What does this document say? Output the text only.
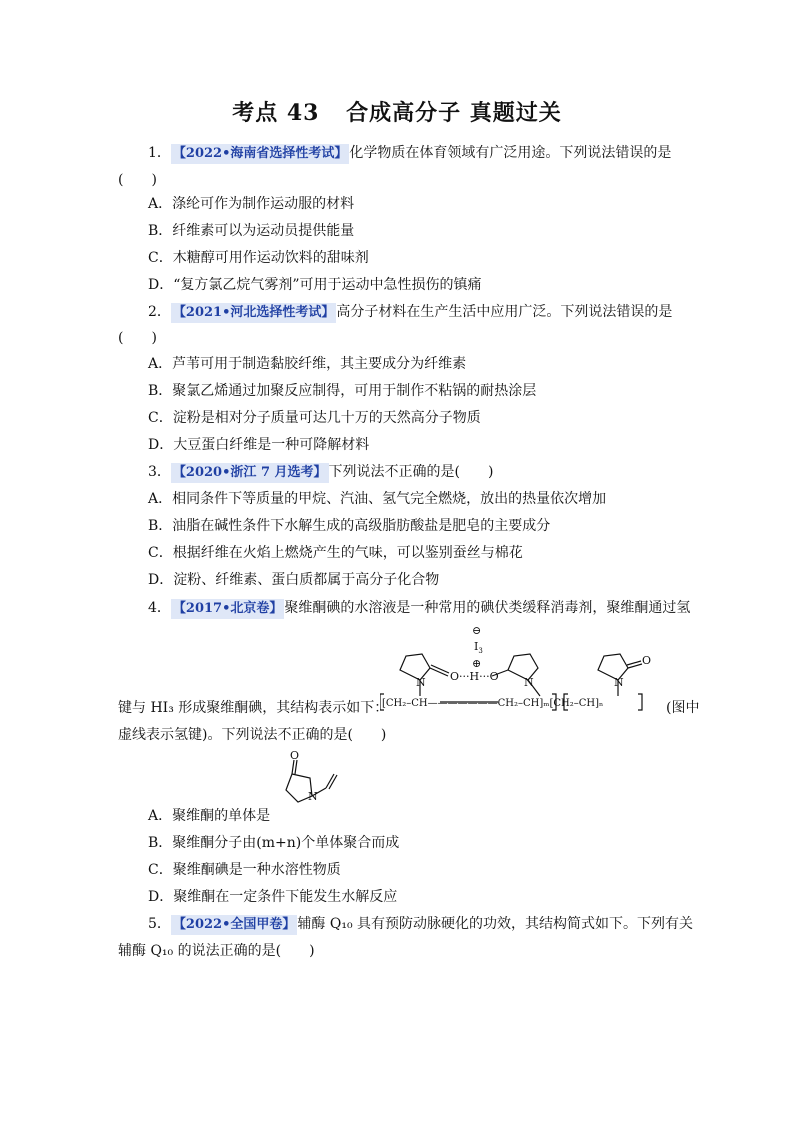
考点 43 合成高分子 真题过关
1． 【2022•海南省选择性考试】 化学物质在体育领域有广泛用途。下列说法错误的是
(　　)
A．涤纶可作为制作运动服的材料
B．纤维素可以为运动员提供能量
C．木糖醇可用作运动饮料的甜味剂
D．“复方氯乙烷气雾剂”可用于运动中急性损伤的镇痛
2． 【2021•河北选择性考试】 高分子材料在生产生活中应用广泛。下列说法错误的是
(　　)
A．芦苇可用于制造黏胶纤维，其主要成分为纤维素
B．聚氯乙烯通过加聚反应制得，可用于制作不粘锅的耐热涂层
C．淀粉是相对分子质量可达几十万的天然高分子物质
D．大豆蛋白纤维是一种可降解材料
3． 【2020•浙江 7 月选考】 下列说法不正确的是(　　)
A．相同条件下等质量的甲烷、汽油、氢气完全燃烧，放出的热量依次增加
B．油脂在碱性条件下水解生成的高级脂肪酸盐是肥皂的主要成分
C．根据纤维在火焰上燃烧产生的气味，可以鉴别蚕丝与棉花
D．淀粉、纤维素、蛋白质都属于高分子化合物
4． 【2017•北京卷】 聚维酮碘的水溶液是一种常用的碘伏类缓释消毒剂，聚维酮通过氢
⊖
$I_3$
⊕
O···H···O
N	N	N
O
[CH₂–CH———————CH₂–CH]ₘ[CH₂–CH]ₙ
键与 HI₃ 形成聚维酮碘，其结构表示如下：	(图中
虚线表示氢键)。下列说法不正确的是(　　)
O
N
A．聚维酮的单体是
B．聚维酮分子由(m+n)个单体聚合而成
C．聚维酮碘是一种水溶性物质
D．聚维酮在一定条件下能发生水解反应
5． 【2022•全国甲卷】 辅酶 Q₁₀ 具有预防动脉硬化的功效，其结构简式如下。下列有关
辅酶 Q₁₀ 的说法正确的是(　　)
